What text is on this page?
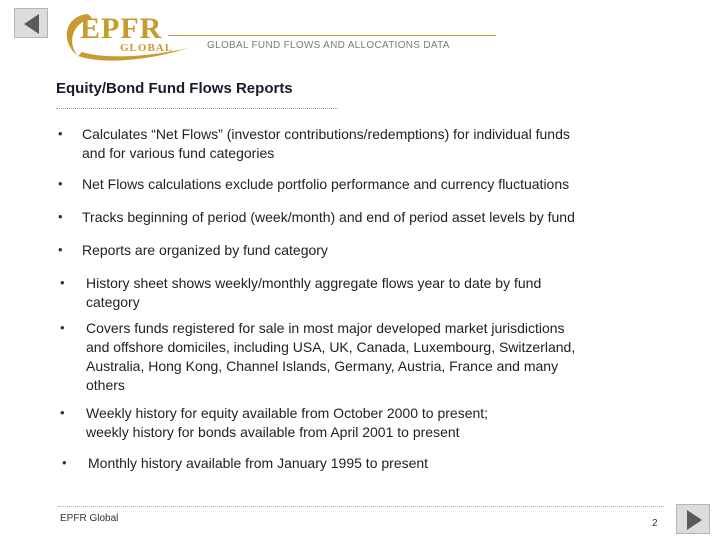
EPFR
GLOBAL	GLOBAL FUND FLOWS AND ALLOCATIONS DATA
Equity/Bond Fund Flows Reports
• Calculates “Net Flows” (investor contributions/redemptions) for individual funds
and for various fund categories
• Net Flows calculations exclude portfolio performance and currency fluctuations
• Tracks beginning of period (week/month) and end of period asset levels by fund
• Reports are organized by fund category
• History sheet shows weekly/monthly aggregate flows year to date by fund
category
• Covers funds registered for sale in most major developed market jurisdictions
and offshore domiciles, including USA, UK, Canada, Luxembourg, Switzerland,
Australia, Hong Kong, Channel Islands, Germany, Austria, France and many
others
• Weekly history for equity available from October 2000 to present;
weekly history for bonds available from April 2001 to present
• Monthly history available from January 1995 to present
EPFR Global	2
